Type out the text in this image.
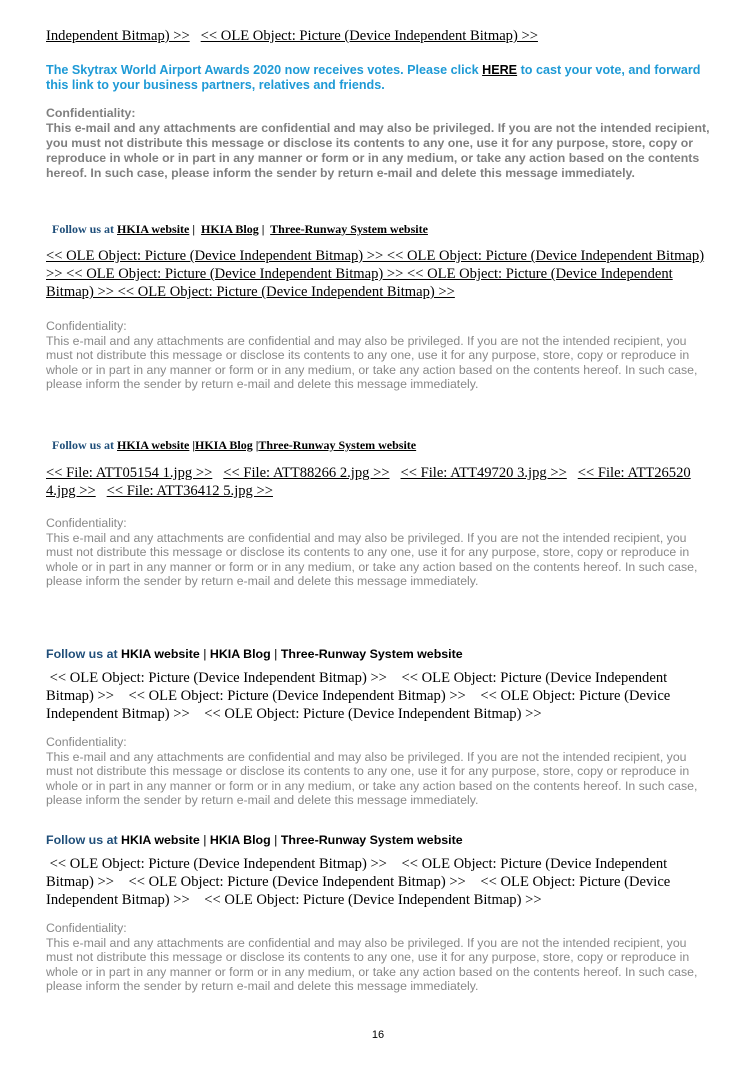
Independent Bitmap) >> << OLE Object: Picture (Device Independent Bitmap) >>
The Skytrax World Airport Awards 2020 now receives votes. Please click HERE to cast your vote, and forward this link to your business partners, relatives and friends.
Confidentiality:
This e-mail and any attachments are confidential and may also be privileged. If you are not the intended recipient, you must not distribute this message or disclose its contents to any one, use it for any purpose, store, copy or reproduce in whole or in part in any manner or form or in any medium, or take any action based on the contents hereof. In such case, please inform the sender by return e-mail and delete this message immediately.
Follow us at HKIA website | HKIA Blog | Three-Runway System website
<< OLE Object: Picture (Device Independent Bitmap) >> << OLE Object: Picture (Device Independent Bitmap) >> << OLE Object: Picture (Device Independent Bitmap) >> << OLE Object: Picture (Device Independent Bitmap) >> << OLE Object: Picture (Device Independent Bitmap) >>
Confidentiality:
This e-mail and any attachments are confidential and may also be privileged. If you are not the intended recipient, you must not distribute this message or disclose its contents to any one, use it for any purpose, store, copy or reproduce in whole or in part in any manner or form or in any medium, or take any action based on the contents hereof. In such case, please inform the sender by return e-mail and delete this message immediately.
Follow us at HKIA website |HKIA Blog |Three-Runway System website
<< File: ATT05154 1.jpg >> << File: ATT88266 2.jpg >> << File: ATT49720 3.jpg >> << File: ATT26520 4.jpg >> << File: ATT36412 5.jpg >>
Confidentiality:
This e-mail and any attachments are confidential and may also be privileged. If you are not the intended recipient, you must not distribute this message or disclose its contents to any one, use it for any purpose, store, copy or reproduce in whole or in part in any manner or form or in any medium, or take any action based on the contents hereof. In such case, please inform the sender by return e-mail and delete this message immediately.
Follow us at HKIA website | HKIA Blog | Three-Runway System website
<< OLE Object: Picture (Device Independent Bitmap) >>    << OLE Object: Picture (Device Independent Bitmap) >>    << OLE Object: Picture (Device Independent Bitmap) >>    << OLE Object: Picture (Device Independent Bitmap) >>    << OLE Object: Picture (Device Independent Bitmap) >>
Confidentiality:
This e-mail and any attachments are confidential and may also be privileged. If you are not the intended recipient, you must not distribute this message or disclose its contents to any one, use it for any purpose, store, copy or reproduce in whole or in part in any manner or form or in any medium, or take any action based on the contents hereof. In such case, please inform the sender by return e-mail and delete this message immediately.
Follow us at HKIA website | HKIA Blog | Three-Runway System website
<< OLE Object: Picture (Device Independent Bitmap) >>    << OLE Object: Picture (Device Independent Bitmap) >>    << OLE Object: Picture (Device Independent Bitmap) >>    << OLE Object: Picture (Device Independent Bitmap) >>    << OLE Object: Picture (Device Independent Bitmap) >>
Confidentiality:
This e-mail and any attachments are confidential and may also be privileged. If you are not the intended recipient, you must not distribute this message or disclose its contents to any one, use it for any purpose, store, copy or reproduce in whole or in part in any manner or form or in any medium, or take any action based on the contents hereof. In such case, please inform the sender by return e-mail and delete this message immediately.
16
